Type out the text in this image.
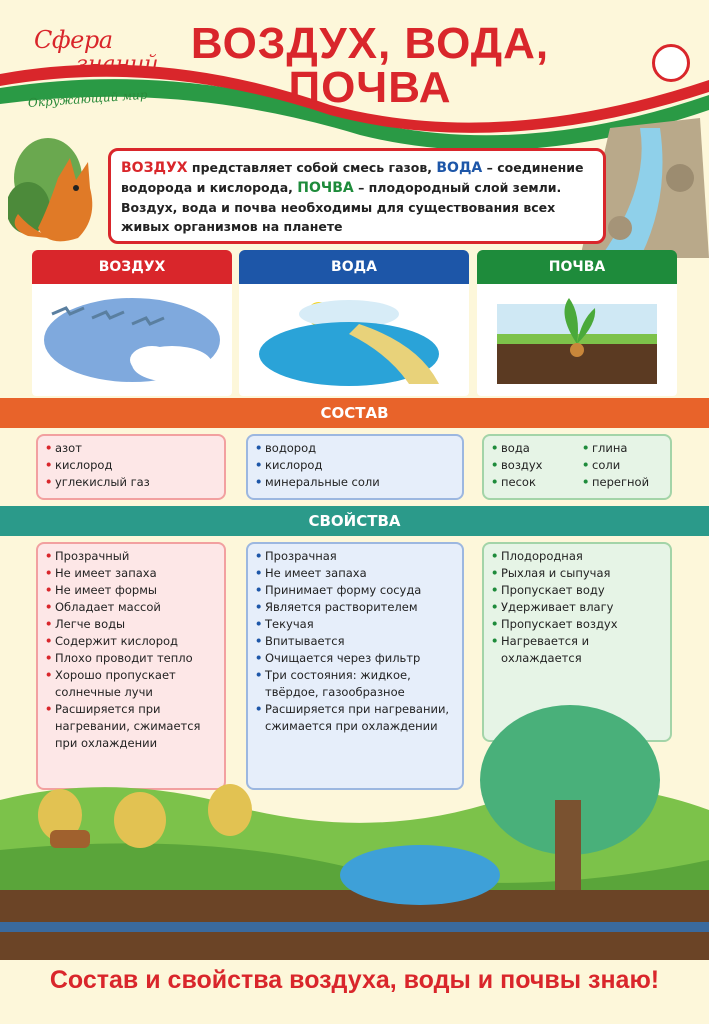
Сфера
знаний
Окружающий мир
ВОЗДУХ, ВОДА,
ПОЧВА
ВОЗДУХ представляет собой смесь газов, ВОДА – соединение водорода и кислорода, ПОЧВА – плодородный слой земли. Воздух, вода и почва необходимы для существования всех живых организмов на планете
ВОЗДУХ	ВОДА	ПОЧВА
СОСТАВ
• азот
• кислород
• углекислый газ
• водород
• кислород
• минеральные соли
• вода
• воздух
• песок
• глина
• соли
• перегной
СВОЙСТВА
• Прозрачный
• Не имеет запаха
• Не имеет формы
• Обладает массой
• Легче воды
• Содержит кислород
• Плохо проводит тепло
• Хорошо пропускает солнечные лучи
• Расширяется при нагревании, сжимается при охлаждении
• Прозрачная
• Не имеет запаха
• Принимает форму сосуда
• Является растворителем
• Текучая
• Впитывается
• Очищается через фильтр
• Три состояния: жидкое, твёрдое, газообразное
• Расширяется при нагревании, сжимается при охлаждении
• Плодородная
• Рыхлая и сыпучая
• Пропускает воду
• Удерживает влагу
• Пропускает воздух
• Нагревается и охлаждается
Состав и свойства воздуха, воды и почвы знаю!
